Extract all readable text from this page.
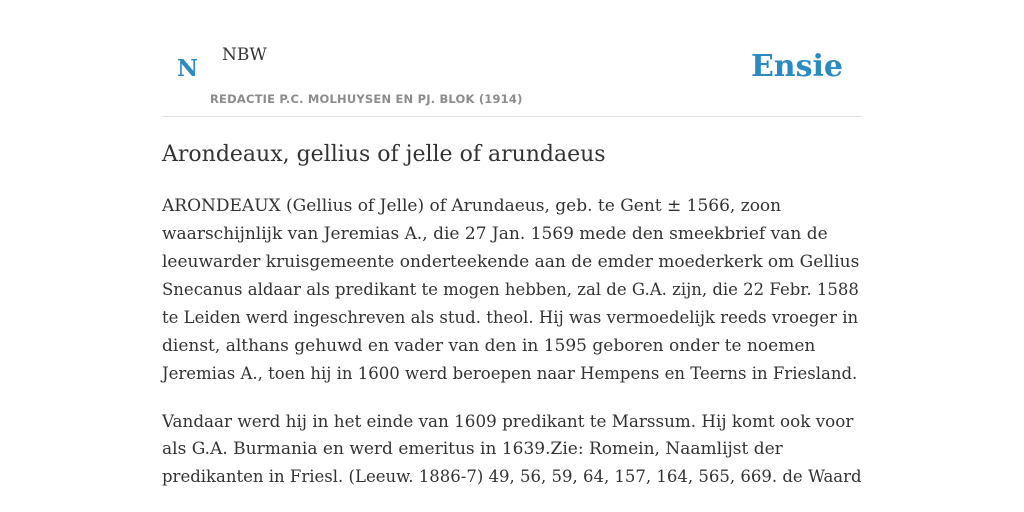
N NBW
REDACTIE P.C. MOLHUYSEN EN PJ. BLOK (1914)
Ensie
Arondeaux, gellius of jelle of arundaeus

ARONDEAUX (Gellius of Jelle) of Arundaeus, geb. te Gent ± 1566, zoon
waarschijnlijk van Jeremias A., die 27 Jan. 1569 mede den smeekbrief van de
leeuwarder kruisgemeente onderteekende aan de emder moederkerk om Gellius
Snecanus aldaar als predikant te mogen hebben, zal de G.A. zijn, die 22 Febr. 1588
te Leiden werd ingeschreven als stud. theol. Hij was vermoedelijk reeds vroeger in
dienst, althans gehuwd en vader van den in 1595 geboren onder te noemen
Jeremias A., toen hij in 1600 werd beroepen naar Hempens en Teerns in Friesland.

Vandaar werd hij in het einde van 1609 predikant te Marssum. Hij komt ook voor
als G.A. Burmania en werd emeritus in 1639.Zie: Romein, Naamlijst der
predikanten in Friesl. (Leeuw. 1886-7) 49, 56, 59, 64, 157, 164, 565, 669. de Waard
